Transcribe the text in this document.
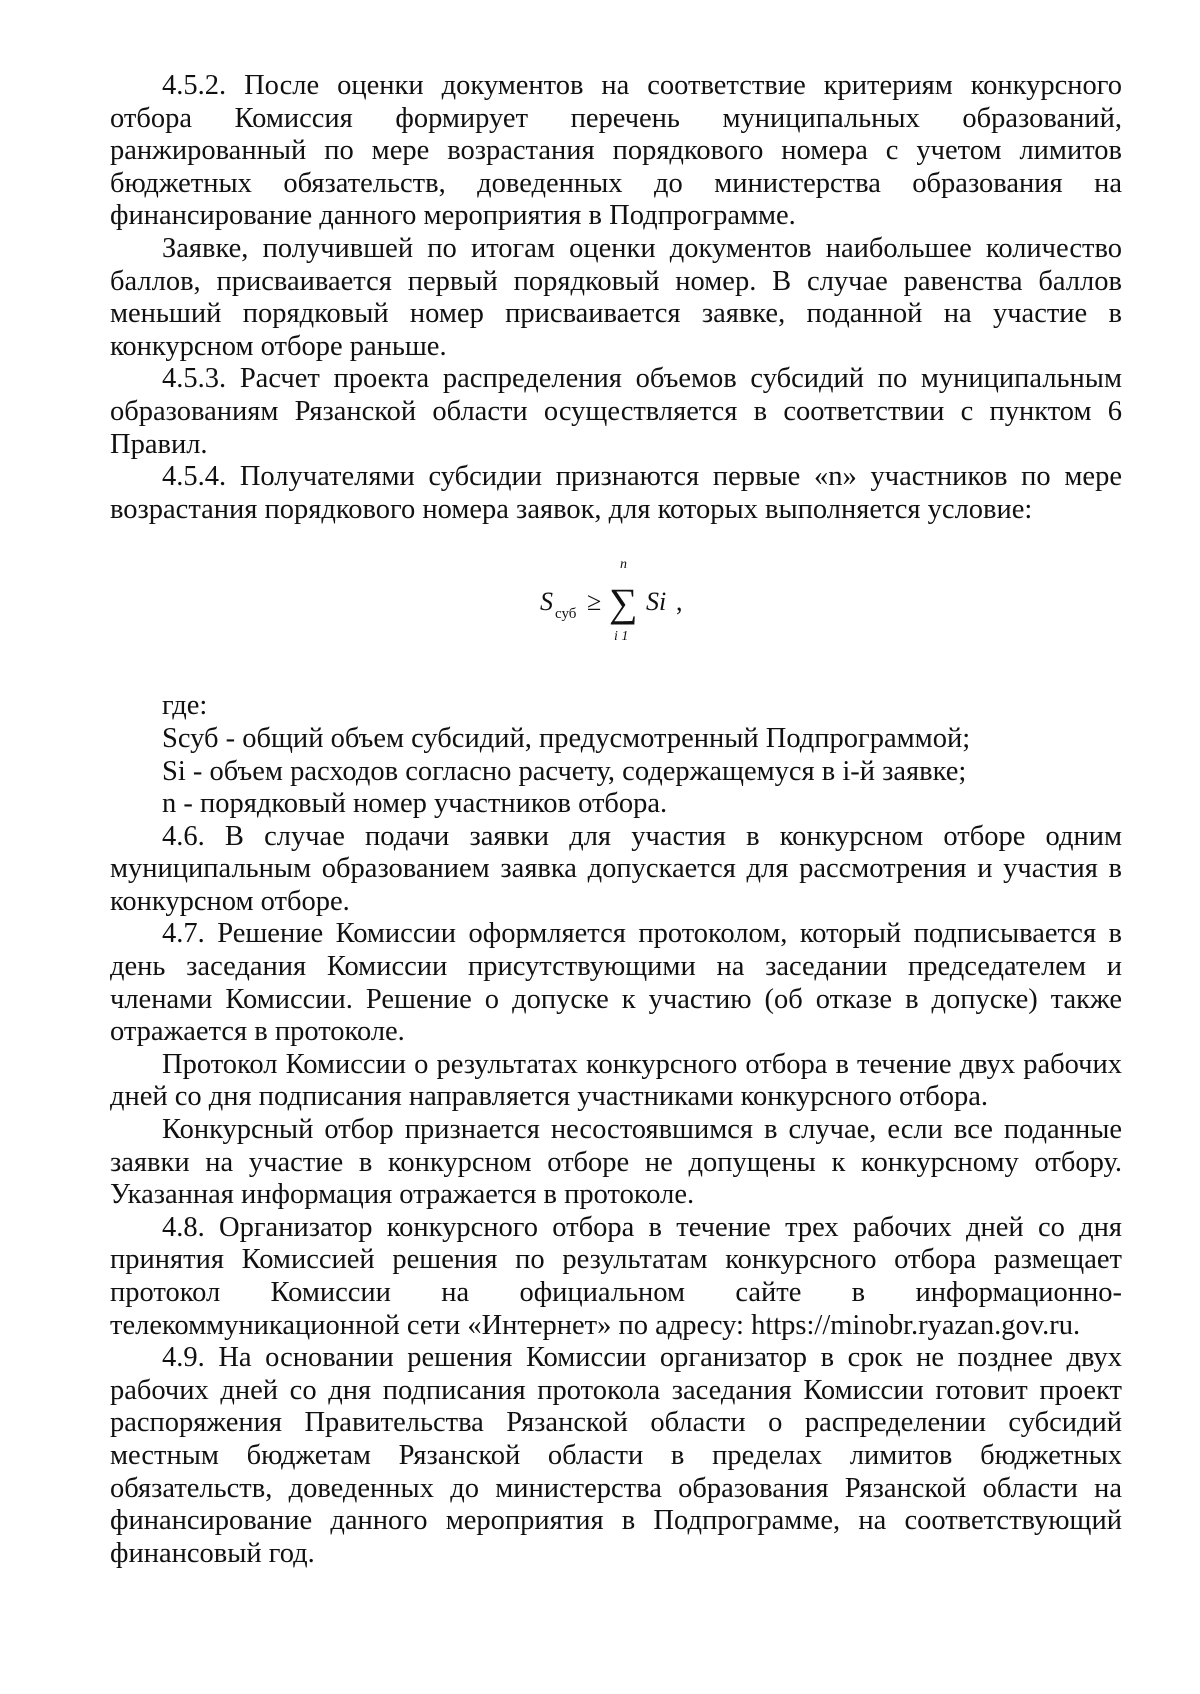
4.5.2. После оценки документов на соответствие критериям конкурсного отбора Комиссия формирует перечень муниципальных образований, ранжированный по мере возрастания порядкового номера с учетом лимитов бюджетных обязательств, доведенных до министерства образования на финансирование данного мероприятия в Подпрограмме.

Заявке, получившей по итогам оценки документов наибольшее количество баллов, присваивается первый порядковый номер. В случае равенства баллов меньший порядковый номер присваивается заявке, поданной на участие в конкурсном отборе раньше.

4.5.3. Расчет проекта распределения объемов субсидий по муниципальным образованиям Рязанской области осуществляется в соответствии с пунктом 6 Правил.

4.5.4. Получателями субсидии признаются первые «n» участников по мере возрастания порядкового номера заявок, для которых выполняется условие:

S суб ≥ ∑
n
i 1
Si ,

где:

Sсуб - общий объем субсидий, предусмотренный Подпрограммой;

Si - объем расходов согласно расчету, содержащемуся в i-й заявке;

n - порядковый номер участников отбора.

4.6. В случае подачи заявки для участия в конкурсном отборе одним муниципальным образованием заявка допускается для рассмотрения и участия в конкурсном отборе.

4.7. Решение Комиссии оформляется протоколом, который подписывается в день заседания Комиссии присутствующими на заседании председателем и членами Комиссии. Решение о допуске к участию (об отказе в допуске) также отражается в протоколе.

Протокол Комиссии о результатах конкурсного отбора в течение двух рабочих дней со дня подписания направляется участниками конкурсного отбора.

Конкурсный отбор признается несостоявшимся в случае, если все поданные заявки на участие в конкурсном отборе не допущены к конкурсному отбору. Указанная информация отражается в протоколе.

4.8. Организатор конкурсного отбора в течение трех рабочих дней со дня принятия Комиссией решения по результатам конкурсного отбора размещает протокол Комиссии на официальном сайте в информационно-телекоммуникационной сети «Интернет» по адресу: https://minobr.ryazan.gov.ru.

4.9. На основании решения Комиссии организатор в срок не позднее двух рабочих дней со дня подписания протокола заседания Комиссии готовит проект распоряжения Правительства Рязанской области о распределении субсидий местным бюджетам Рязанской области в пределах лимитов бюджетных обязательств, доведенных до министерства образования Рязанской области на финансирование данного мероприятия в Подпрограмме, на соответствующий финансовый год.
